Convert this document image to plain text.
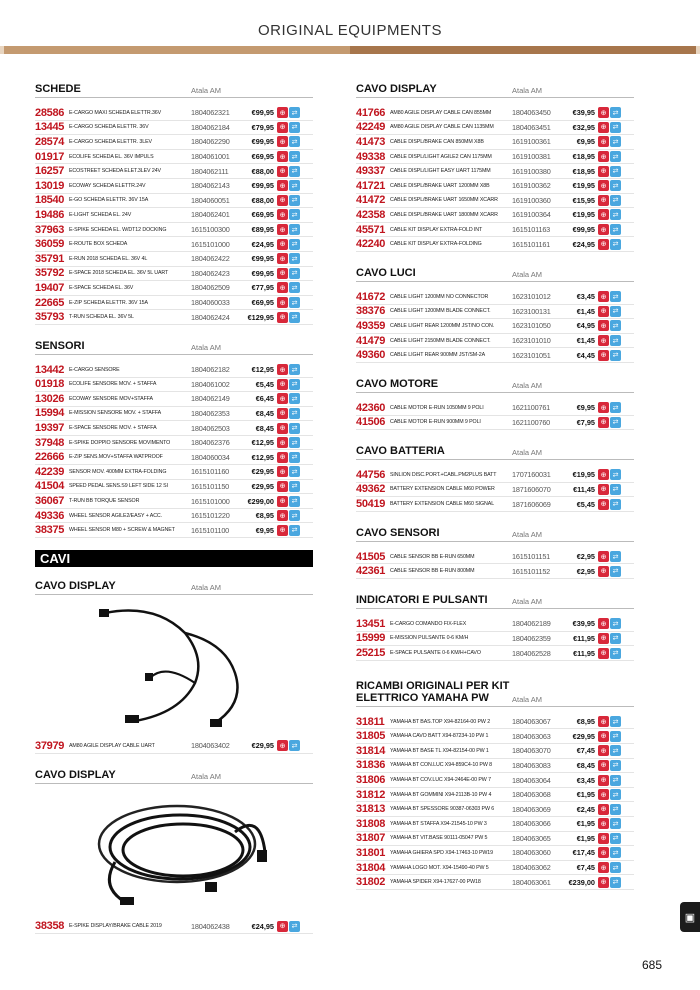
ORIGINAL EQUIPMENTS
SCHEDE	Atala AM
28586 E-CARGO MAXI SCHEDA ELETTR.36V	1804062321	€99,95 ⊕ ⇄
13445 E-CARGO SCHEDA ELETTR. 36V	1804062184	€79,95 ⊕ ⇄
28574 E-CARGO SCHEDA ELETTR. 3LEV	1804062290	€99,95 ⊕ ⇄
01917 ECOLIFE SCHEDA EL. 36V IMPULS	1804061001	€69,95 ⊕ ⇄
16257 ECOSTREET SCHEDA ELET.3LEV 24V	1804062111	€88,00 ⊕ ⇄
13019 ECOWAY SCHEDA ELETTR.24V	1804062143	€99,95 ⊕ ⇄
18540 E-GO SCHEDA ELETTR. 36V 15A	1804060051	€88,00 ⊕ ⇄
19486 E-LIGHT SCHEDA EL. 24V	1804062401	€69,95 ⊕ ⇄
37963 E-SPIKE SCHEDA EL. W/DT12 DOCKING	1615100300	€89,95 ⊕ ⇄
36059 E-ROUTE BOX SCHEDA	1615101000	€24,95 ⊕ ⇄
35791 E-RUN 2018 SCHEDA EL. 36V 4L	1804062422	€99,95 ⊕ ⇄
35792 E-SPACE 2018 SCHEDA EL. 36V 5L UART	1804062423	€99,95 ⊕ ⇄
19407 E-SPACE SCHEDA EL. 36V	1804062509	€77,95 ⊕ ⇄
22665 E-ZIP SCHEDA ELETTR. 36V 15A	1804060033	€69,95 ⊕ ⇄
35793 T-RUN SCHEDA EL. 36V 5L	1804062424	€129,95 ⊕ ⇄
SENSORI	Atala AM
13442 E-CARGO SENSORE	1804062182	€12,95 ⊕ ⇄
01918 ECOLIFE SENSORE MOV. + STAFFA	1804061002	€5,45 ⊕ ⇄
13026 ECOWAY SENSORE MOV+STAFFA	1804062149	€6,45 ⊕ ⇄
15994 E-MISSION SENSORE MOV. + STAFFA	1804062353	€8,45 ⊕ ⇄
19397 E-SPACE SENSORE MOV. + STAFFA	1804062503	€8,45 ⊕ ⇄
37948 E-SPIKE DOPPIO SENSORE MOVIMENTO	1804062376	€12,95 ⊕ ⇄
22666 E-ZIP SENS.MOV+STAFFA WATPROOF	1804060034	€12,95 ⊕ ⇄
42239 SENSOR MOV. 400MM EXTRA-FOLDING	1615101160	€29,95 ⊕ ⇄
41504 SPEED PEDAL SENS.S9 LEFT SIDE 12 SI	1615101150	€29,95 ⊕ ⇄
36067 T-RUN BB TORQUE SENSOR	1615101000	€299,00 ⊕ ⇄
49336 WHEEL SENSOR AGILE2/EASY + ACC.	1615101220	€8,95 ⊕ ⇄
38375 WHEEL SENSOR M80 + SCREW & MAGNET	1615101100	€9,95 ⊕ ⇄
CAVI
CAVO DISPLAY	Atala AM
37979 AM80 AGILE DISPLAY CABLE UART	1804063402	€29,95 ⊕ ⇄
CAVO DISPLAY	Atala AM
38358 E-SPIKE DISPLAY/BRAKE CABLE 2019	1804062438	€24,95 ⊕ ⇄
CAVO DISPLAY	Atala AM
41766 AM80 AGILE DISPLAY CABLE CAN 855MM	1804063450	€39,95 ⊕ ⇄
42249 AM80 AGILE DISPLAY CABLE CAN 1135MM	1804063451	€32,95 ⊕ ⇄
41473 CABLE DISPL/BRAKE CAN 850MM X8B	1619100361	€9,95 ⊕ ⇄
49338 CABLE DISPL/LIGHT AGILE2 CAN 1175MM	1619100381	€18,95 ⊕ ⇄
49337 CABLE DISPL/LIGHT EASY UART 1175MM	1619100380	€18,95 ⊕ ⇄
41721 CABLE DISPL/BRAKE UART 1200MM X8B	1619100362	€19,95 ⊕ ⇄
41472 CABLE DISPL/BRAKE UART 1650MM XCARR	1619100360	€15,95 ⊕ ⇄
42358 CABLE DISPL/BRAKE UART 1800MM XCARR	1619100364	€19,95 ⊕ ⇄
45571 CABLE KIT DISPLAY EXTRA-FOLD INT	1615101163	€99,95 ⊕ ⇄
42240 CABLE KIT DISPLAY EXTRA-FOLDING	1615101161	€24,95 ⊕ ⇄
CAVO LUCI	Atala AM
41672 CABLE LIGHT 1200MM NO CONNECTOR	1623101012	€3,45 ⊕ ⇄
38376 CABLE LIGHT 1200MM BLADE CONNECT.	1623100131	€1,45 ⊕ ⇄
49359 CABLE LIGHT REAR 1200MM JST/NO CON.	1623101050	€4,95 ⊕ ⇄
41479 CABLE LIGHT 2150MM BLADE CONNECT.	1623101010	€1,45 ⊕ ⇄
49360 CABLE LIGHT REAR 900MM JST/SM-2A	1623101051	€4,45 ⊕ ⇄
CAVO MOTORE	Atala AM
42360 CABLE MOTOR E-RUN 1050MM 9 POLI	1621100761	€9,95 ⊕ ⇄
41506 CABLE MOTOR E-RUN 900MM 9 POLI	1621100760	€7,95 ⊕ ⇄
CAVO BATTERIA	Atala AM
44756 SINLION DISC.PORT.+CABL.PM2PLUS BATT	1707160031	€19,95 ⊕ ⇄
49362 BATTERY EXTENSION CABLE M60 POWER	1871606070	€11,45 ⊕ ⇄
50419 BATTERY EXTENSION CABLE M60 SIGNAL	1871606069	€5,45 ⊕ ⇄
CAVO SENSORI	Atala AM
41505 CABLE SENSOR BB E-RUN 650MM	1615101151	€2,95 ⊕ ⇄
42361 CABLE SENSOR BB E-RUN 800MM	1615101152	€2,95 ⊕ ⇄
INDICATORI E PULSANTI	Atala AM
13451 E-CARGO COMANDO FIX-FLEX	1804062189	€39,95 ⊕ ⇄
15999 E-MISSION PULSANTE 0-6 KM/H	1804062359	€11,95 ⊕ ⇄
25215 E-SPACE PULSANTE 0-6 KM/H+CAVO	1804062528	€11,95 ⊕ ⇄
RICAMBI ORIGINALI PER KIT ELETTRICO YAMAHA PW	Atala AM
31811	YAMAHA BT BAS.TOP X94-82164-00 PW 2	1804063067	€8,95 ⊕ ⇄
31805 YAMAHA CAVO BATT X94-87234-10 PW 1	1804063063	€29,95 ⊕ ⇄
31814 YAMAHA BT BASE TL X94-82154-00 PW 1	1804063070	€7,45 ⊕ ⇄
31836 YAMAHA BT CON.LUC X94-859C4-10 PW 8	1804063083	€8,45 ⊕ ⇄
31806 YAMAHA BT COV.LUC X94-2464E-00 PW 7	1804063064	€3,45 ⊕ ⇄
31812 YAMAHA BT GOMMINI X94-2113B-10 PW 4	1804063068	€1,95 ⊕ ⇄
31813 YAMAHA BT SPESSORE 90387-06303 PW 6	1804063069	€2,45 ⊕ ⇄
31808 YAMAHA BT STAFFA X94-21545-10 PW 3	1804063066	€1,95 ⊕ ⇄
31807 YAMAHA BT VIT.BASE 90111-05047 PW 5	1804063065	€1,95 ⊕ ⇄
31801 YAMAHA GHIERA SPD X94-17463-10 PW19	1804063060	€17,45 ⊕ ⇄
31804 YAMAHA LOGO MOT. X94-15490-40 PW 5	1804063062	€7,45 ⊕ ⇄
31802 YAMAHA SPIDER X94-17627-00 PW18	1804063061	€239,00 ⊕ ⇄
▣
685
